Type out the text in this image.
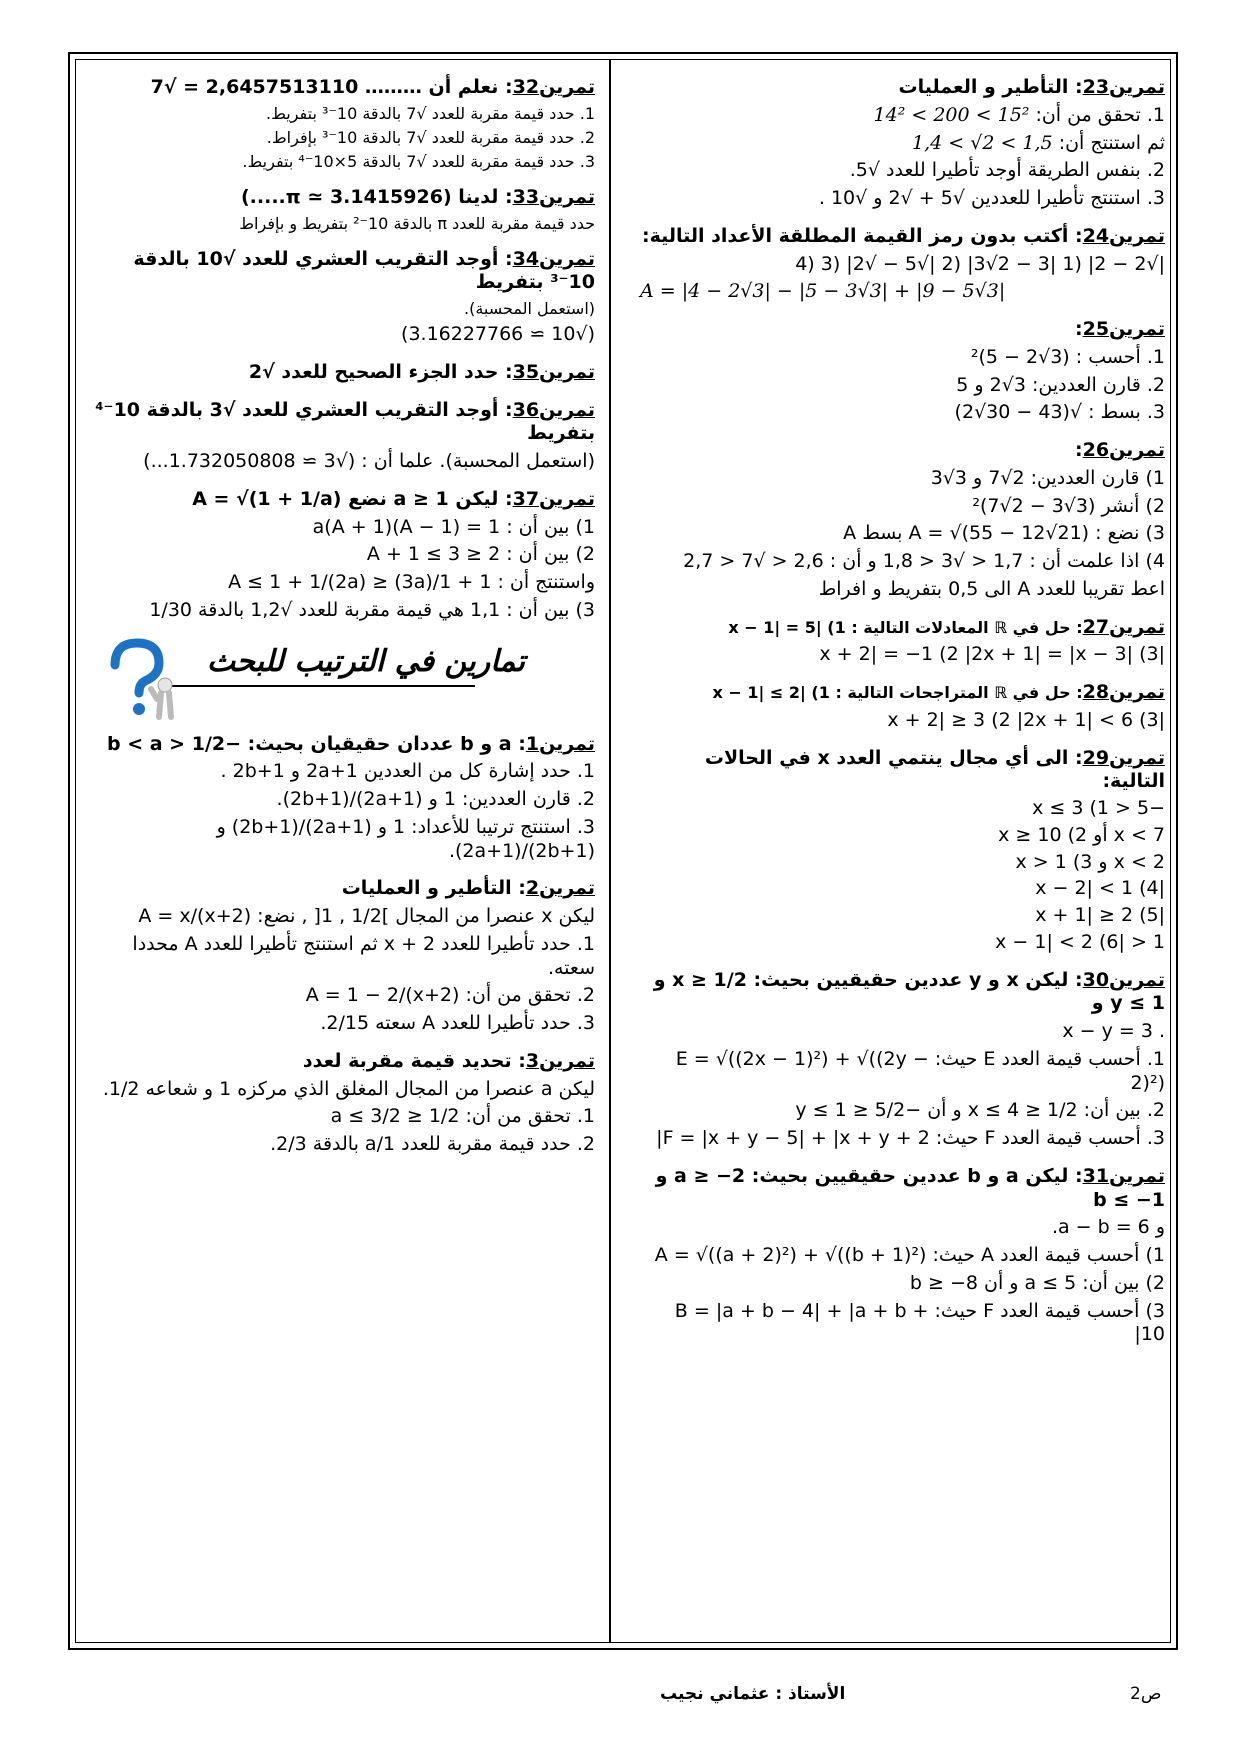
تمرين23: التأطير و العمليات
1. تحقق من أن: 14² < 200 < 15²
ثم استنتج أن: 1,4 < √2 < 1,5
2. بنفس الطريقة أوجد تأطيرا للعدد √5.
3. استنتج تأطيرا للعددين √5 + √2 و √10 .
تمرين24: أكتب بدون رمز القيمة المطلقة الأعداد التالية:
|√2 − 2| (1 |3 − 2√3| (2 |√5 − √2| (3 (4
A = |4 − 2√3| − |5 − 3√3| + |9 − 5√3|
تمرين25:
1. أحسب : (3√2 − 5)²
2. قارن العددين: 3√2 و 5
3. بسط : √(43 − 30√2)
تمرين26:
1) قارن العددين: 2√7 و 3√3
2) أنشر (3√3 − 2√7)²
3) نضع : A = √(55 − 12√21) بسط A
4) اذا علمت أن : 1,7 < √3 < 1,8 و أن : 2,6 < √7 < 2,7
اعط تقريبا للعدد A الى 0,5 بتفريط و افراط
تمرين27: حل في ℝ المعادلات التالية : 1) |x − 1| = 5
|x + 2| = −1 (2 |2x + 1| = |x − 3| (3
تمرين28: حل في ℝ المتراجحات التالية : 1) |x − 1| ≤ 2
|x + 2| ≥ 3 (2 |2x + 1| < 6 (3
تمرين29: الى أي مجال ينتمي العدد x في الحالات التالية:
−5 < x ≤ 3 (1
x < 7 أو x ≥ 10 (2
x < 2 و x > 1 (3
|x − 2| < 1 (4
|x + 1| ≥ 2 (5
1 < |x − 1| < 2 (6
تمرين30: ليكن x و y عددين حقيقيين بحيث: x ≥ 1/2 و y ≤ 1 و
. x − y = 3
1. أحسب قيمة العدد E حيث: E = √((2x − 1)²) + √((2y − 2)²)
2. بين أن: 1/2 ≤ x ≤ 4 و أن −5/2 ≤ y ≤ 1
3. أحسب قيمة العدد F حيث: F = |x + y − 5| + |x + y + 2|
تمرين31: ليكن a و b عددين حقيقيين بحيث: a ≥ −2 و b ≤ −1
و a − b = 6.
1) أحسب قيمة العدد A حيث: A = √((a + 2)²) + √((b + 1)²)
2) بين أن: a ≤ 5 و أن b ≥ −8
3) أحسب قيمة العدد F حيث: B = |a + b − 4| + |a + b + 10|
تمرين32: نعلم أن ……… 2,6457513110 = √7
1. حدد قيمة مقربة للعدد √7 بالدقة 10⁻³ بتفريط.
2. حدد قيمة مقربة للعدد √7 بالدقة 10⁻³ بإفراط.
3. حدد قيمة مقربة للعدد √7 بالدقة 5×10⁻⁴ بتفريط.
تمرين33: لدينا (π ≃ 3.1415926.....)
حدد قيمة مقربة للعدد π بالدقة 10⁻² بتفريط و بإفراط
تمرين34: أوجد التقريب العشري للعدد √10 بالدقة 10⁻³ بتفريط
(استعمل المحسبة).
(√10 ≃ 3.16227766)
تمرين35: حدد الجزء الصحيح للعدد √2
تمرين36: أوجد التقريب العشري للعدد √3 بالدقة 10⁻⁴ بتفريط
(استعمل المحسبة). علما أن : (√3 ≃ 1.732050808...)
تمرين37: ليكن a ≥ 1 نضع A = √(1 + 1/a)
1) بين أن : a(A + 1)(A − 1) = 1
2) بين أن : 2 ≤ A + 1 ≤ 3
واستنتج أن : 1 + 1/(3a) ≤ A ≤ 1 + 1/(2a)
3) بين أن : 1,1 هي قيمة مقربة للعدد √1,2 بالدقة 1/30
تمارين في الترتيب للبحث
تمرين1: a و b عددان حقيقيان بحيث: −1/2 < b < a
1. حدد إشارة كل من العددين 2a+1 و 2b+1 .
2. قارن العددين: 1 و (2a+1)/(2b+1).
3. استنتج ترتيبا للأعداد: 1 و (2a+1)/(2b+1) و (2b+1)/(2a+1).
تمرين2: التأطير و العمليات
ليكن x عنصرا من المجال ]1/2 , 1[ , نضع: A = x/(x+2)
1. حدد تأطيرا للعدد x + 2 ثم استنتج تأطيرا للعدد A محددا سعته.
2. تحقق من أن: A = 1 − 2/(x+2)
3. حدد تأطيرا للعدد A سعته 2/15.
تمرين3: تحديد قيمة مقربة لعدد
ليكن a عنصرا من المجال المغلق الذي مركزه 1 و شعاعه 1/2.
1. تحقق من أن: 1/2 ≤ a ≤ 3/2
2. حدد قيمة مقربة للعدد 1/a بالدقة 2/3.
الأستاذ : عثماني نجيب	ص2
